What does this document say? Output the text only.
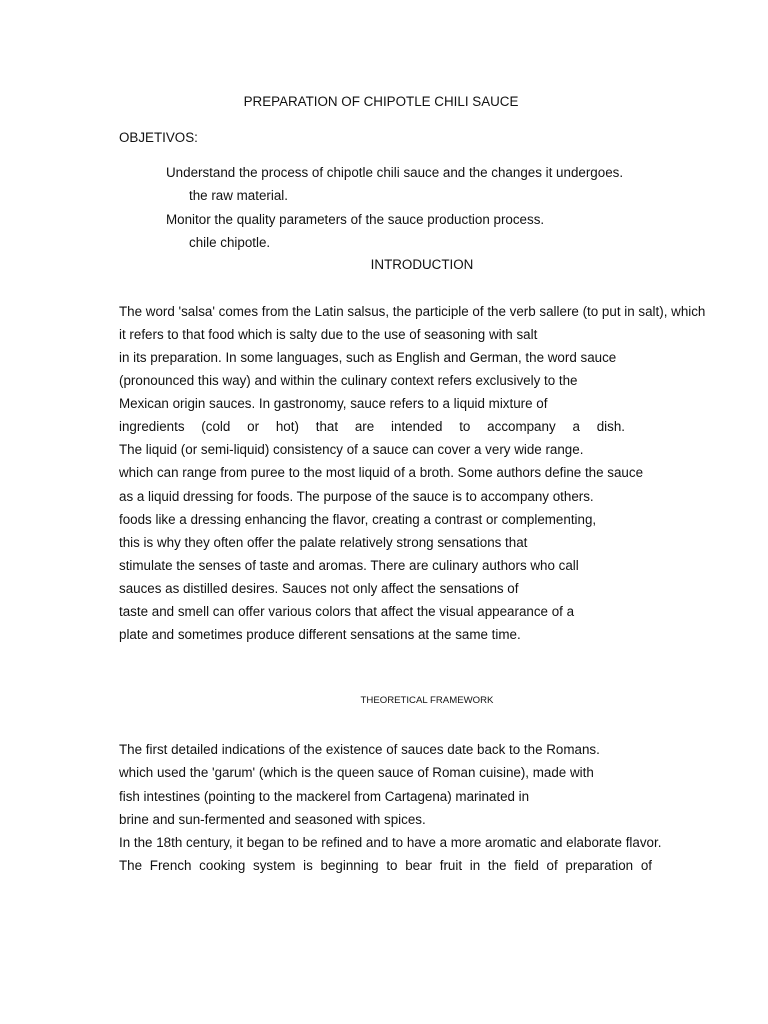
PREPARATION OF CHIPOTLE CHILI SAUCE
OBJETIVOS:
Understand the process of chipotle chili sauce and the changes it undergoes.
the raw material.
Monitor the quality parameters of the sauce production process.
chile chipotle.
INTRODUCTION
The word 'salsa' comes from the Latin salsus, the participle of the verb sallere (to put in salt), which
it refers to that food which is salty due to the use of seasoning with salt
in its preparation. In some languages, such as English and German, the word sauce
(pronounced this way) and within the culinary context refers exclusively to the
Mexican origin sauces. In gastronomy, sauce refers to a liquid mixture of
ingredients (cold or hot) that are intended to accompany a dish.
The liquid (or semi-liquid) consistency of a sauce can cover a very wide range.
which can range from puree to the most liquid of a broth. Some authors define the sauce
as a liquid dressing for foods. The purpose of the sauce is to accompany others.
foods like a dressing enhancing the flavor, creating a contrast or complementing,
this is why they often offer the palate relatively strong sensations that
stimulate the senses of taste and aromas. There are culinary authors who call
sauces as distilled desires. Sauces not only affect the sensations of
taste and smell can offer various colors that affect the visual appearance of a
plate and sometimes produce different sensations at the same time.
THEORETICAL FRAMEWORK
The first detailed indications of the existence of sauces date back to the Romans.
which used the 'garum' (which is the queen sauce of Roman cuisine), made with
fish intestines (pointing to the mackerel from Cartagena) marinated in
brine and sun-fermented and seasoned with spices.
In the 18th century, it began to be refined and to have a more aromatic and elaborate flavor.
The French cooking system is beginning to bear fruit in the field of preparation of
